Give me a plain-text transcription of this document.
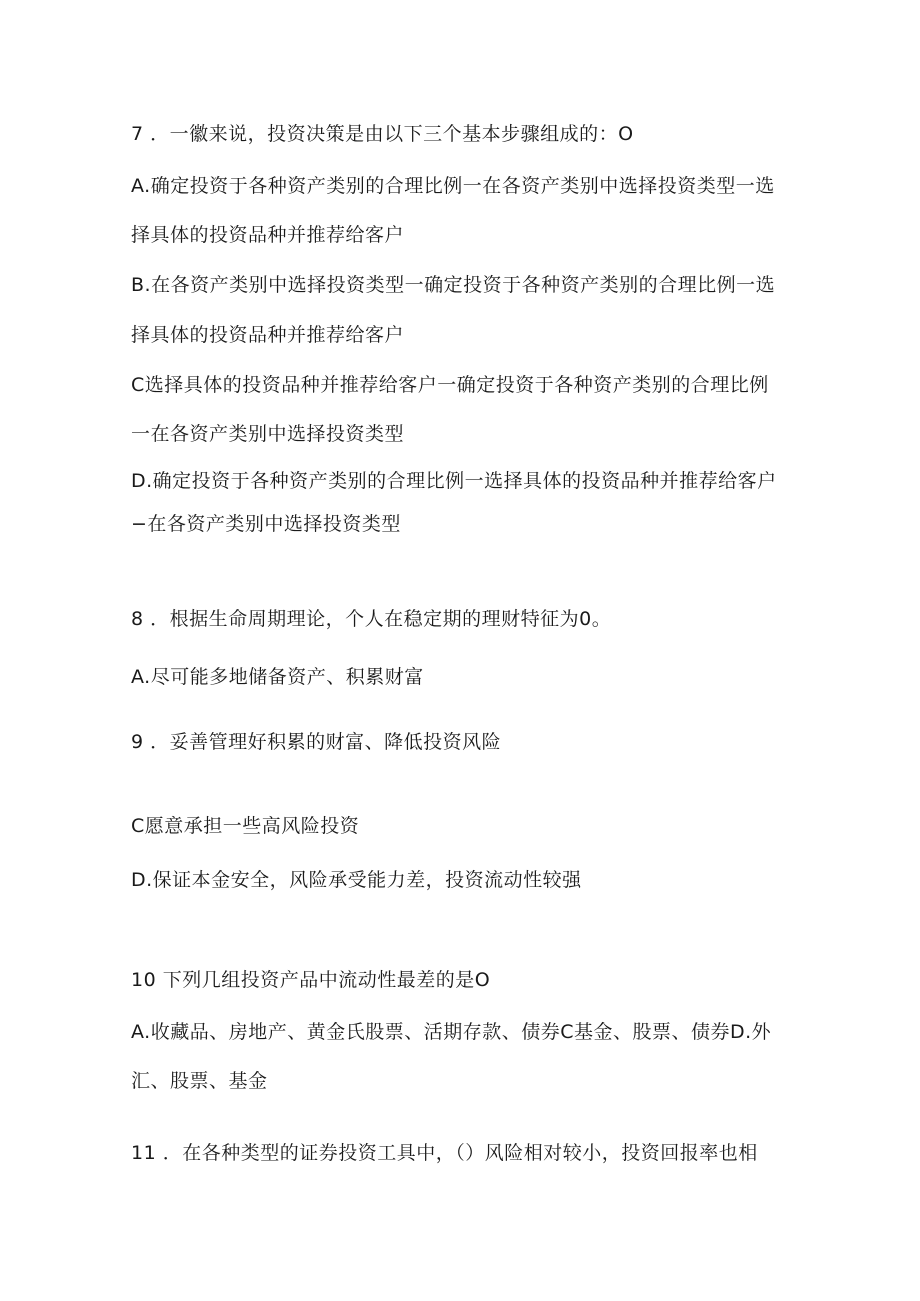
7 ．一徽来说，投资决策是由以下三个基本步骤组成的：O
A.确定投资于各种资产类别的合理比例一在各资产类别中选择投资类型一选
择具体的投资品种并推荐给客户
B.在各资产类别中选择投资类型一确定投资于各种资产类别的合理比例一选
择具体的投资品种并推荐给客户
C选择具体的投资品种并推荐给客户一确定投资于各种资产类别的合理比例
一在各资产类别中选择投资类型
D.确定投资于各种资产类别的合理比例一选择具体的投资品种并推荐给客户
−在各资产类别中选择投资类型
8 ．根据生命周期理论，个人在稳定期的理财特征为0。
A.尽可能多地储备资产、积累财富
9 ．妥善管理好积累的财富、降低投资风险
C愿意承担一些高风险投资
D.保证本金安全，风险承受能力差，投资流动性较强
10 下列几组投资产品中流动性最差的是O
A.收藏品、房地产、黄金氏股票、活期存款、债券C基金、股票、债券D.外
汇、股票、基金
11 ．在各种类型的证券投资工具中，（）风险相对较小，投资回报率也相
